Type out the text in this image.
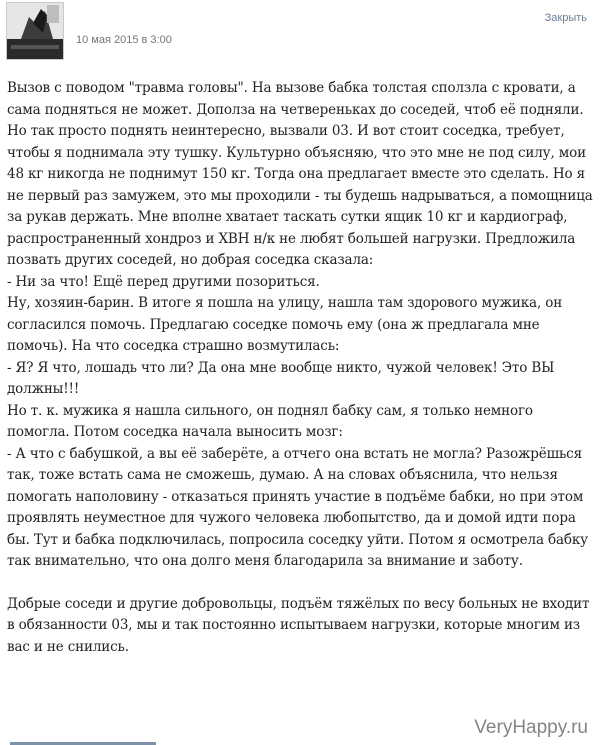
10 мая 2015 в 3:00
Закрыть

Вызов с поводом "травма головы". На вызове бабка толстая сползла с кровати, а сама подняться не может. Дополза на четвереньках до соседей, чтоб её подняли. Но так просто поднять неинтересно, вызвали 03. И вот стоит соседка, требует, чтобы я поднимала эту тушку. Культурно объясняю, что это мне не под силу, мои 48 кг никогда не поднимут 150 кг. Тогда она предлагает вместе это сделать. Но я не первый раз замужем, это мы проходили - ты будешь надрываться, а помощница за рукав держать. Мне вполне хватает таскать сутки ящик 10 кг и кардиограф, распространенный хондроз и ХВН н/к не любят большей нагрузки. Предложила позвать других соседей, но добрая соседка сказала:

- Ни за что! Ещё перед другими позориться.

Ну, хозяин-барин. В итоге я пошла на улицу, нашла там здорового мужика, он согласился помочь. Предлагаю соседке помочь ему (она ж предлагала мне помочь). На что соседка страшно возмутилась:

- Я? Я что, лошадь что ли? Да она мне вообще никто, чужой человек! Это ВЫ должны!!!

Но т. к. мужика я нашла сильного, он поднял бабку сам, я только немного помогла. Потом соседка начала выносить мозг:

- А что с бабушкой, а вы её заберёте, а отчего она встать не могла? Разожрёшься так, тоже встать сама не сможешь, думаю. А на словах объяснила, что нельзя помогать наполовину - отказаться принять участие в подъёме бабки, но при этом проявлять неуместное для чужого человека любопытство, да и домой идти пора бы. Тут и бабка подключилась, попросила соседку уйти. Потом я осмотрела бабку так внимательно, что она долго меня благодарила за внимание и заботу.

Добрые соседи и другие добровольцы, подъём тяжёлых по весу больных не входит в обязанности 03, мы и так постоянно испытываем нагрузки, которые многим из вас и не снились.

VeryHappy.ru
